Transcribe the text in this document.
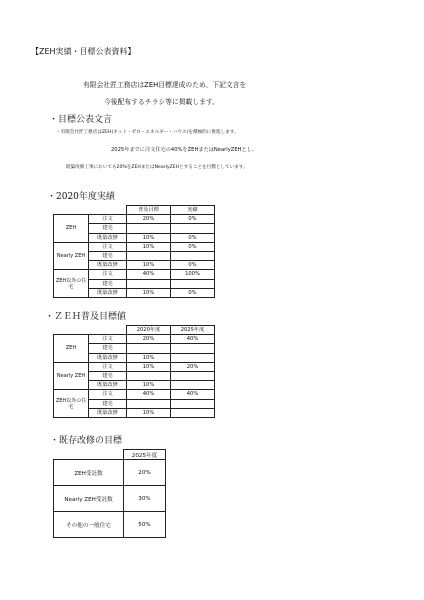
【ZEH実績・目標公表資料】
有限会社匠工務店はZEH目標達成のため、下記文言を
今後配布するチラシ等に掲載します。
・目標公表文言
・有限会社匠工務店はZEH(ネット・ゼロ・エネルギー・ハウス)を積極的に推進します。
2025年までに注文住宅の40%をZEHまたはNearlyZEHとし、
既築改修工事においても20%をZEHまたはNearlyZEHとすることを目標としています。
・2020年度実績
		普及目標	実績
ZEH	注文	20%	0%
	建売		
	既築改修	10%	0%
Nearly ZEH	注文	10%	0%
	建売		
	既築改修	10%	0%
ZEH以外の住宅	注文	40%	100%
	建売		
	既築改修	10%	0%
・ＺＥＨ普及目標値
		2020年度	2025年度
ZEH	注文	20%	40%
	建売		
	既築改修	10%	
Nearly ZEH	注文	10%	20%
	建売		
	既築改修	10%	
ZEH以外の住宅	注文	40%	40%
	建売		
	既築改修	10%	
・既存改修の目標
	2025年度
ZEH受託数	20%
Nearly ZEH受託数	30%
その他の一般住宅	50%
